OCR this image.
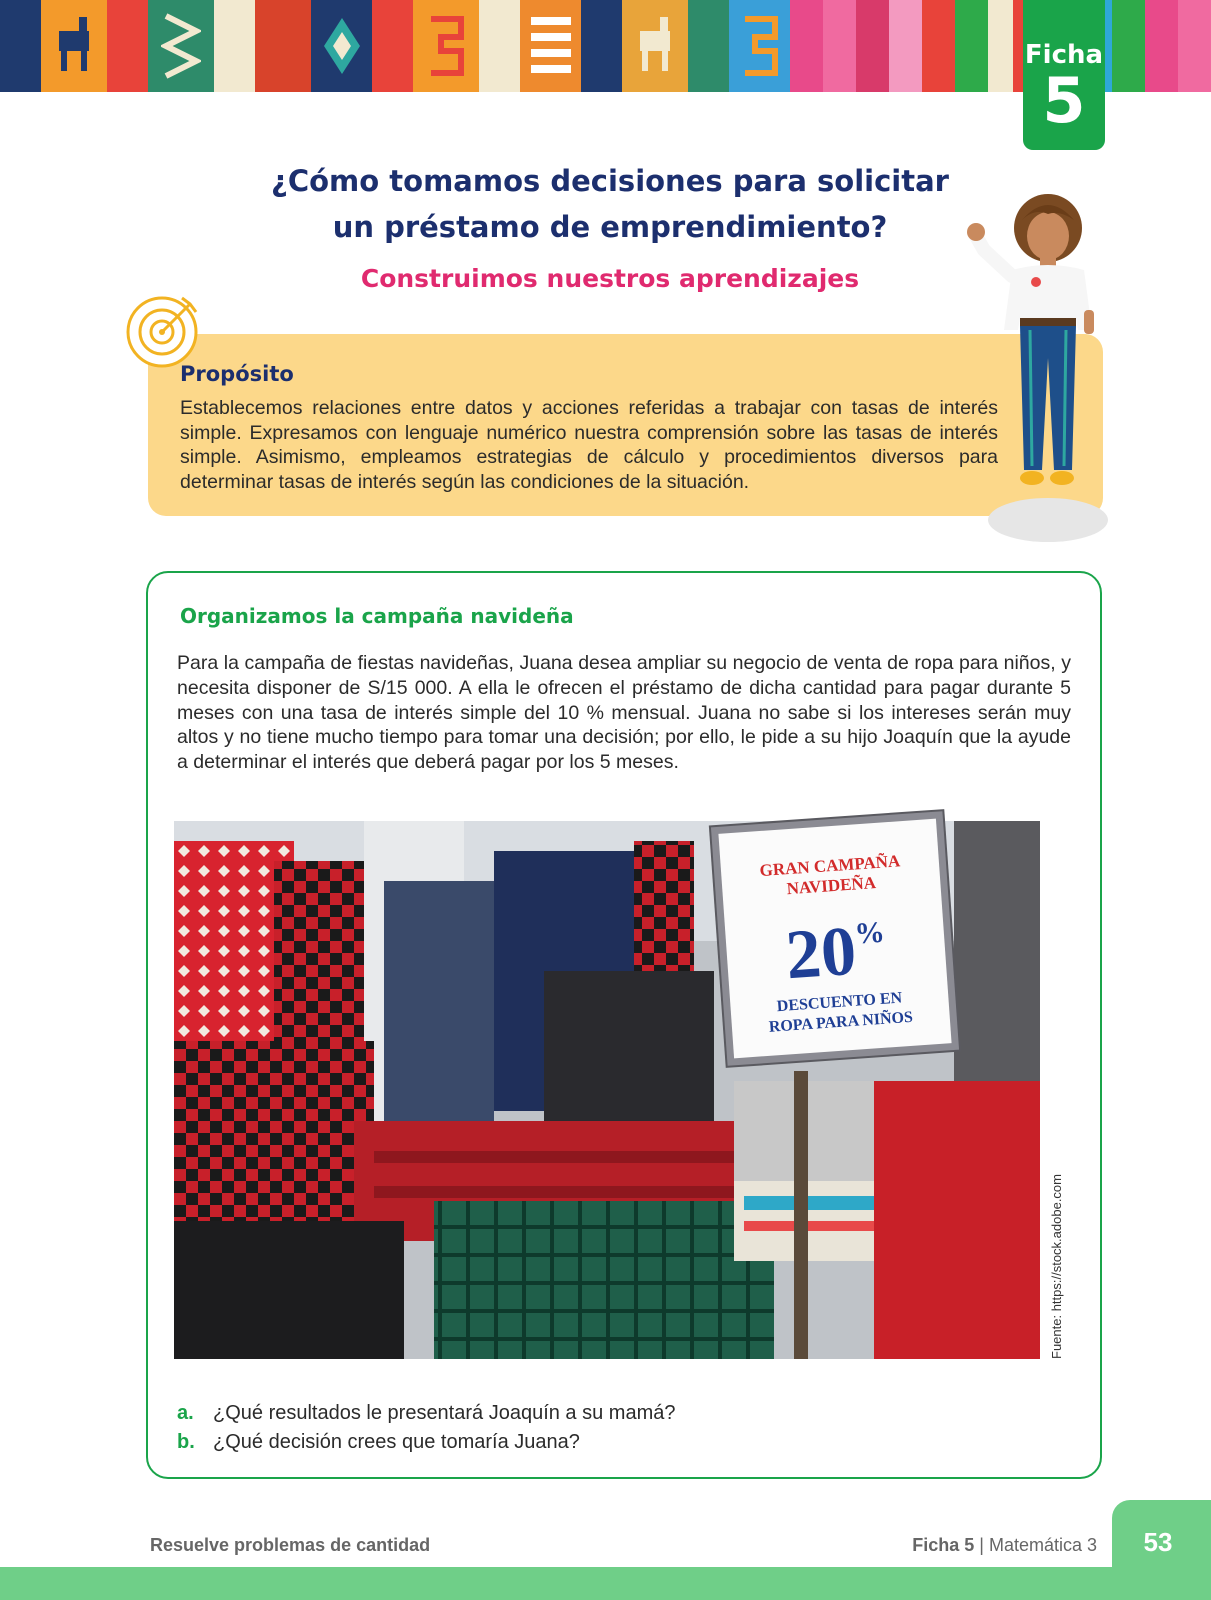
Ficha
5
¿Cómo tomamos decisiones para solicitar
un préstamo de emprendimiento?
Construimos nuestros aprendizajes
Propósito
Establecemos relaciones entre datos y acciones referidas a trabajar con tasas de interés simple. Expresamos con lenguaje numérico nuestra comprensión sobre las tasas de interés simple. Asimismo, empleamos estrategias de cálculo y procedimientos diversos para determinar tasas de interés según las condiciones de la situación.
Organizamos la campaña navideña
Para la campaña de fiestas navideñas, Juana desea ampliar su negocio de venta de ropa para niños, y necesita disponer de S/15 000. A ella le ofrecen el préstamo de dicha cantidad para pagar durante 5 meses con una tasa de interés simple del 10 % mensual. Juana no sabe si los intereses serán muy altos y no tiene mucho tiempo para tomar una decisión; por ello, le pide a su hijo Joaquín que la ayude a determinar el interés que deberá pagar por los 5 meses.
GRAN CAMPAÑA
NAVIDEÑA
20%
DESCUENTO EN
ROPA PARA NIÑOS
Fuente: https://stock.adobe.com
a. ¿Qué resultados le presentará Joaquín a su mamá?
b. ¿Qué decisión crees que tomaría Juana?
53
Resuelve problemas de cantidad	Ficha 5 | Matemática 3
